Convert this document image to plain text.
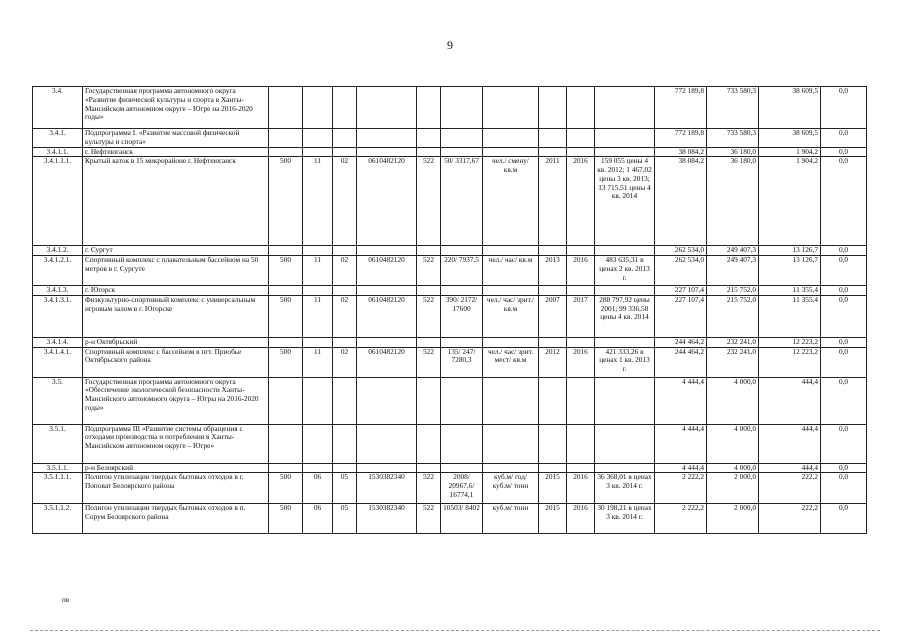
9
3.4.	Государственная программа автономного округа «Развитие физической культуры и спорта в Ханты-Мансийском автономном округе – Югре на 2016-2020 годы»											772 189,8	733 580,3	38 609,5	0,0
3.4.1.	Подпрограмма I. «Развитие массовой физической культуры и спорта»											772 189,8	733 580,3	38 609,5	0,0
3.4.1.1.	г. Нефтеюганск											38 084,2	36 180,0	1 904,2	0,0
3.4.1.1.1.	Крытый каток в 15 микрорайоне г. Нефтеюганск	500	11	02	0610482120	522	50/ 3317,67	чел./ смену/ кв.м	2011	2016	159 055 цены 4 кв. 2012; 1 467,02 цены 3 кв. 2013; 13 715,51 цены 4 кв. 2014	38 084,2	36 180,0	1 904,2	0,0
3.4.1.2.	г. Сургут											262 534,0	249 407,3	13 126,7	0,0
3.4.1.2.1.	Спортивный комплекс с плавательным бассейном на 50 метров в г. Сургуте	500	11	02	0610482120	522	220/ 7937,5	чел./ час/ кв.м	2013	2016	483 635,31 в ценах 2 кв. 2013 г.	262 534,0	249 407,3	13 126,7	0,0
3.4.1.3.	г. Югорск											227 107,4	215 752,0	11 355,4	0,0
3.4.1.3.1.	Физкультурно-спортивный комплекс с универсальным игровым залом в г. Югорске	500	11	02	0610482120	522	390/ 2172/ 17600	чел./ час/ зрит./ кв.м	2007	2017	288 797,92 цены 2001; 99 336,58 цены 4 кв. 2014	227 107,4	215 752,0	11 355,4	0,0
3.4.1.4.	р-н Октябрьский											244 464,2	232 241,0	12 223,2	0,0
3.4.1.4.1.	Спортивный комплекс с бассейном в пгт. Приобье Октябрьского района	500	11	02	0610482120	522	135/ 247/ 7280,3	чел./ час/ зрит. мест/ кв.м	2012	2016	421 333,26 в ценах 1 кв. 2013 г.	244 464,2	232 241,0	12 223,2	0,0
3.5.	Государственная программа автономного округа «Обеспечение экологической безопасности Ханты-Мансийского автономного округа – Югры на 2016-2020 годы»											4 444,4	4 000,0	444,4	0,0
3.5.1.	Подпрограмма III «Развитие системы обращения с отходами производства и потребления в Ханты-Мансийском автономном округе – Югре»											4 444,4	4 000,0	444,4	0,0
3.5.1.1.	р-н Белоярский											4 444,4	4 000,0	444,4	0,0
3.5.1.1.1.	Полигон утилизации твердых бытовых отходов в г. Поповат Белоярского района	500	06	05	1530382340	522	2008/ 20967,6/ 16774,1	куб.м/ год/ куб.м/ тонн	2015	2016	36 368,01 в ценах 3 кв. 2014 г.	2 222,2	2 000,0	222,2	0,0
3.5.1.1.2.	Полигон утилизации твердых бытовых отходов в п. Сорум Белоярского района	500	06	05	1530382340	522	10503/ 8402	куб.м/ тонн	2015	2016	30 198,21 в ценах 3 кв. 2014 г.	2 222,2	2 000,0	222,2	0,0
пв
